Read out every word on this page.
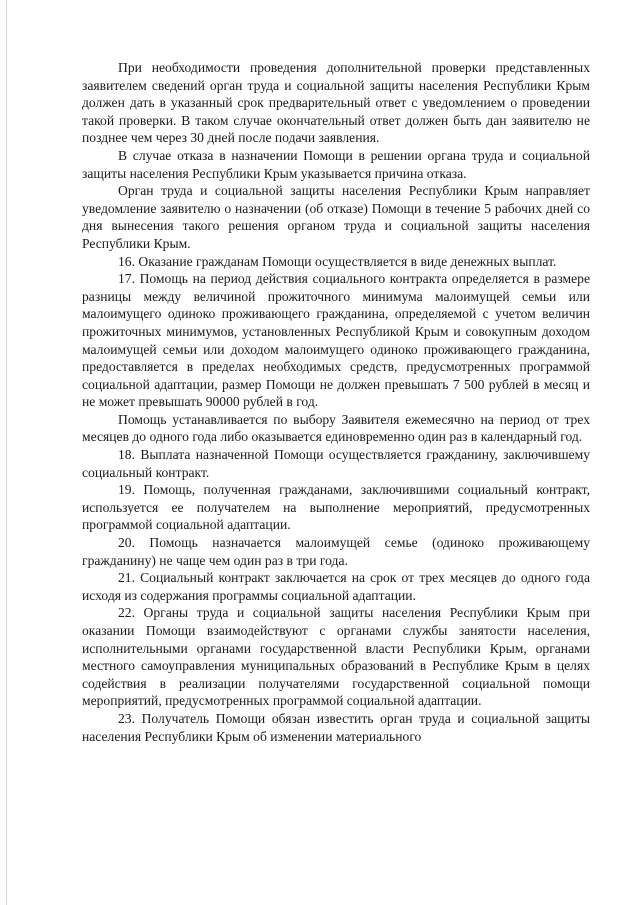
При необходимости проведения дополнительной проверки представленных заявителем сведений орган труда и социальной защиты населения Республики Крым должен дать в указанный срок предварительный ответ с уведомлением о проведении такой проверки. В таком случае окончательный ответ должен быть дан заявителю не позднее чем через 30 дней после подачи заявления.

В случае отказа в назначении Помощи в решении органа труда и социальной защиты населения Республики Крым указывается причина отказа.

Орган труда и социальной защиты населения Республики Крым направляет уведомление заявителю о назначении (об отказе) Помощи в течение 5 рабочих дней со дня вынесения такого решения органом труда и социальной защиты населения Республики Крым.

16. Оказание гражданам Помощи осуществляется в виде денежных выплат.

17. Помощь на период действия социального контракта определяется в размере разницы между величиной прожиточного минимума малоимущей семьи или малоимущего одиноко проживающего гражданина, определяемой с учетом величин прожиточных минимумов, установленных Республикой Крым и совокупным доходом малоимущей семьи или доходом малоимущего одиноко проживающего гражданина, предоставляется в пределах необходимых средств, предусмотренных программой социальной адаптации, размер Помощи не должен превышать 7 500 рублей в месяц и не может превышать 90000 рублей в год.

Помощь устанавливается по выбору Заявителя ежемесячно на период от трех месяцев до одного года либо оказывается единовременно один раз в календарный год.

18. Выплата назначенной Помощи осуществляется гражданину, заключившему социальный контракт.

19. Помощь, полученная гражданами, заключившими социальный контракт, используется ее получателем на выполнение мероприятий, предусмотренных программой социальной адаптации.

20. Помощь назначается малоимущей семье (одиноко проживающему гражданину) не чаще чем один раз в три года.

21. Социальный контракт заключается на срок от трех месяцев до одного года исходя из содержания программы социальной адаптации.

22. Органы труда и социальной защиты населения Республики Крым при оказании Помощи взаимодействуют с органами службы занятости населения, исполнительными органами государственной власти Республики Крым, органами местного самоуправления муниципальных образований в Республике Крым в целях содействия в реализации получателями государственной социальной помощи мероприятий, предусмотренных программой социальной адаптации.

23. Получатель Помощи обязан известить орган труда и социальной защиты населения Республики Крым об изменении материального
